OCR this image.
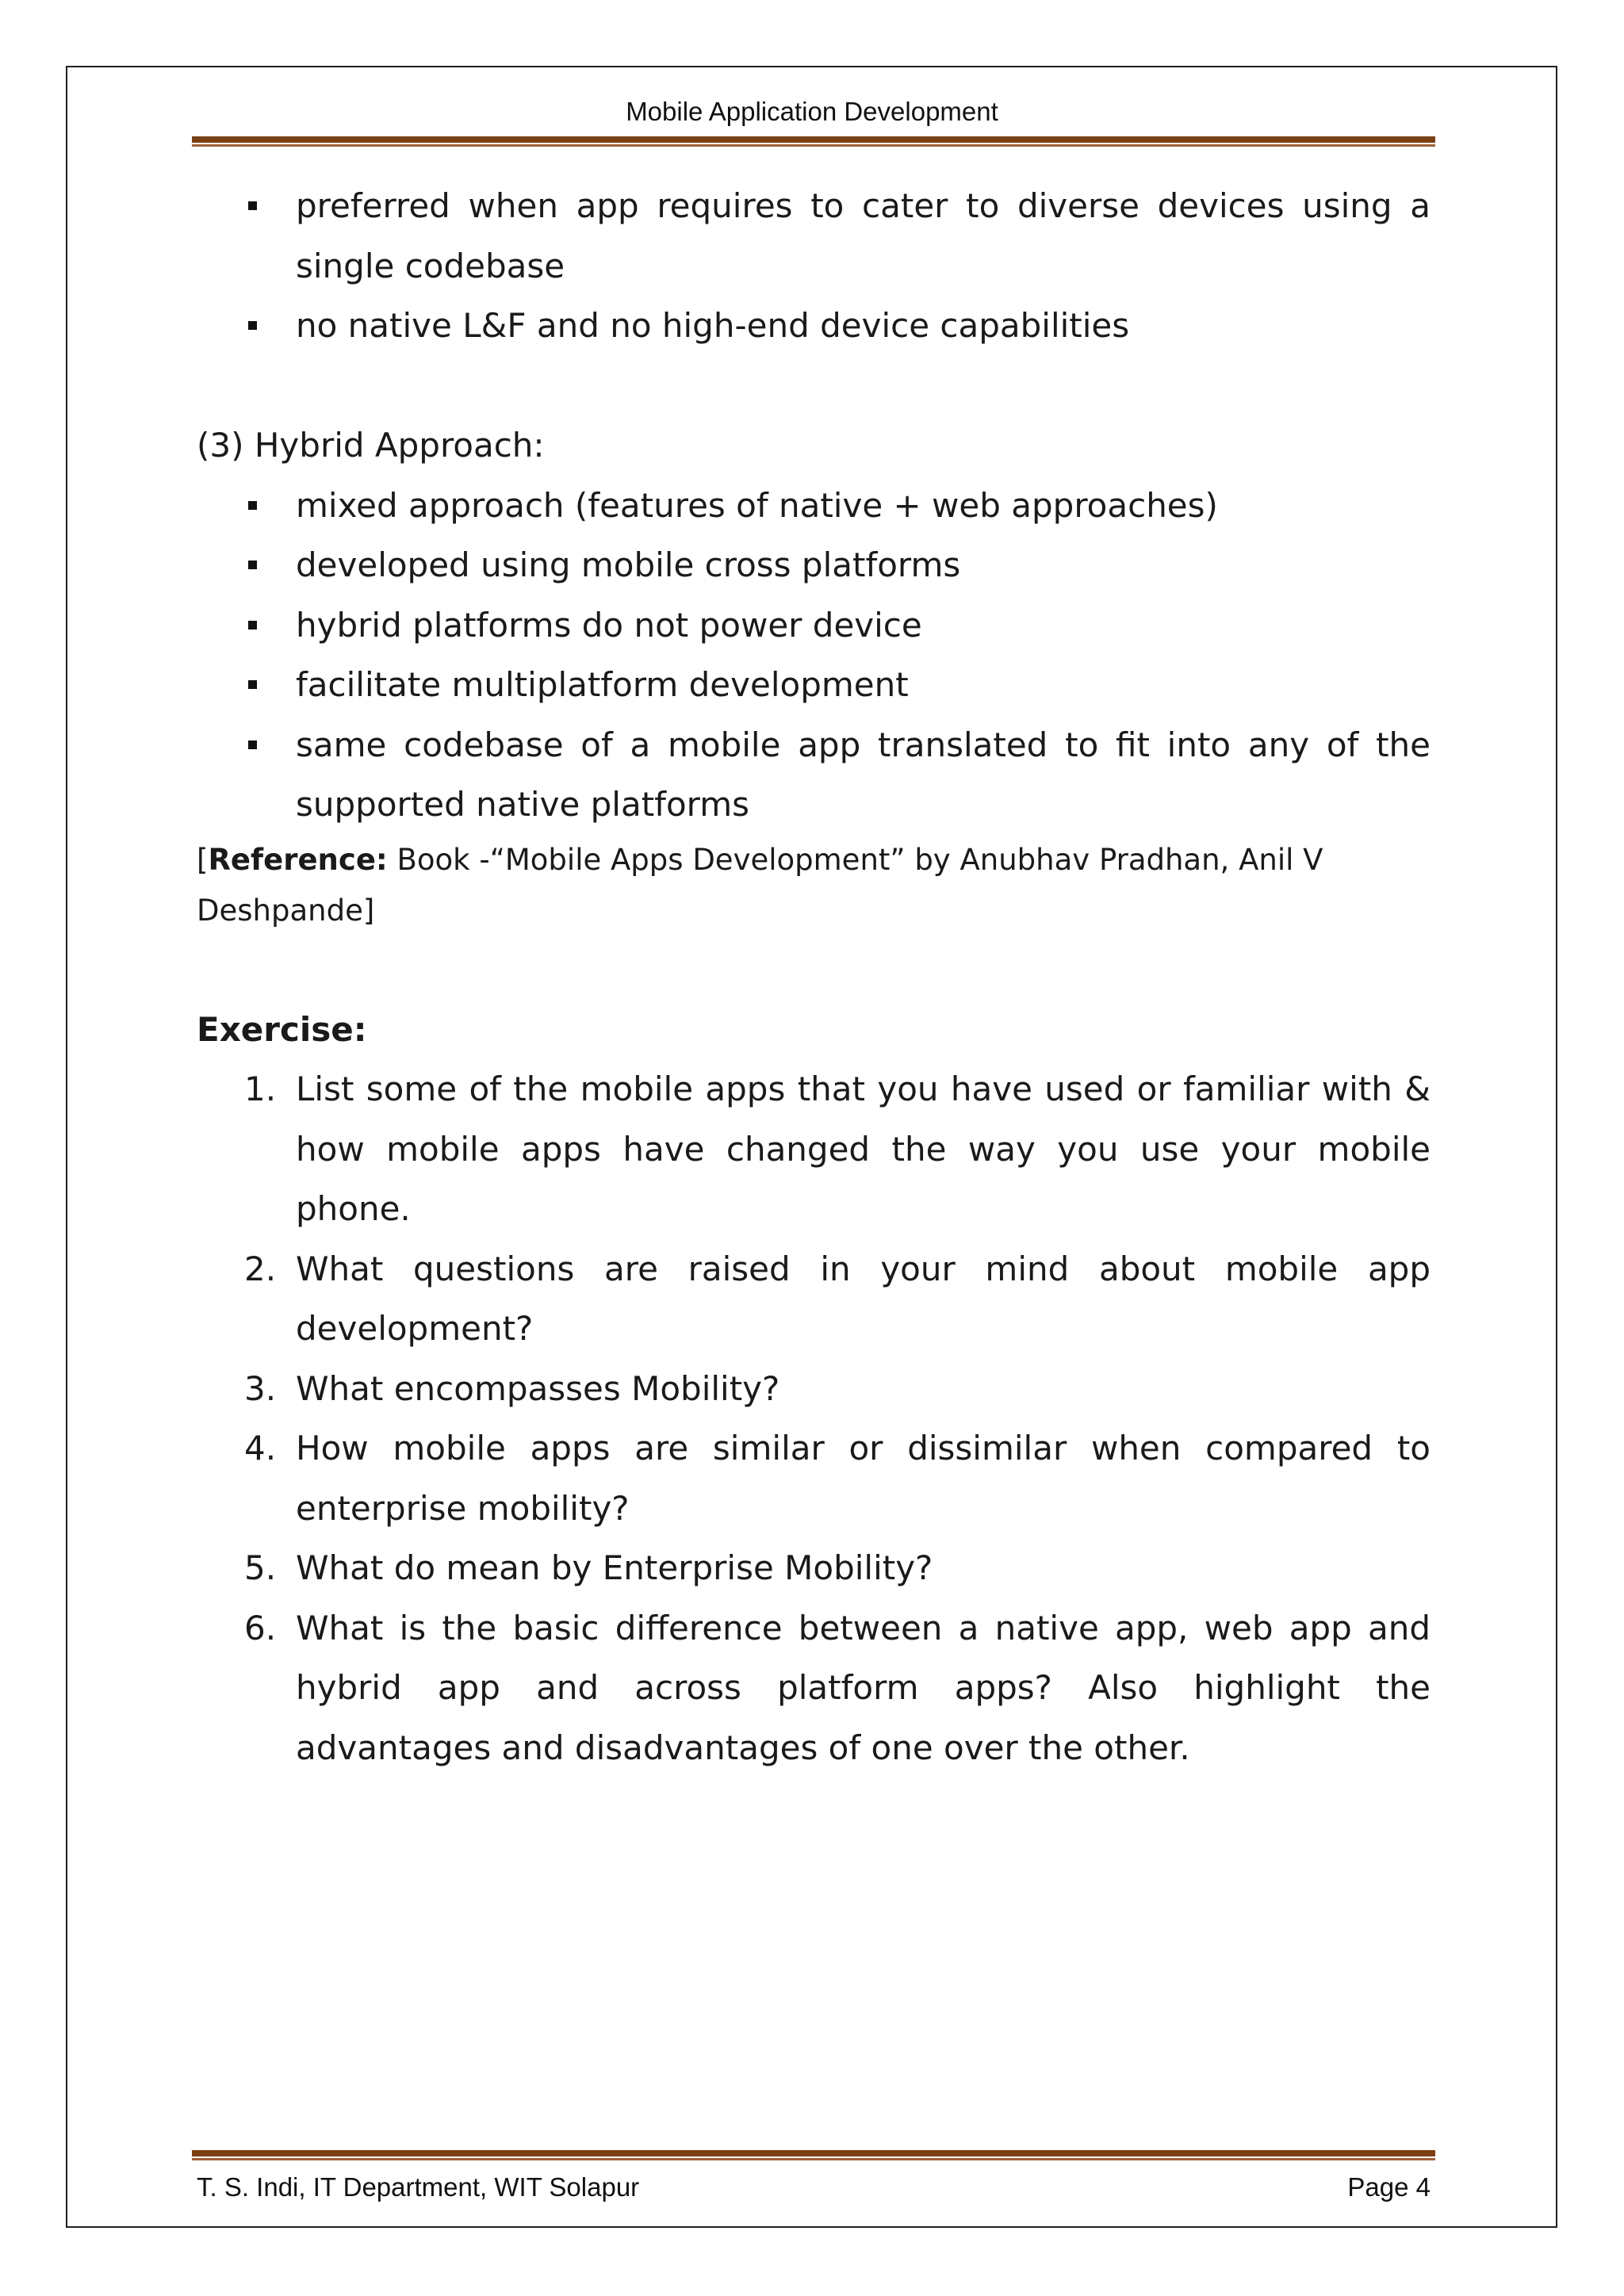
Mobile Application Development
preferred when app requires to cater to diverse devices using a single codebase
no native L&F and no high-end device capabilities

(3) Hybrid Approach:

mixed approach (features of native + web approaches)
developed using mobile cross platforms
hybrid platforms do not power device
facilitate multiplatform development
same codebase of a mobile app translated to fit into any of the supported native platforms

[Reference: Book -“Mobile Apps Development” by Anubhav Pradhan, Anil V Deshpande]

Exercise:

1. List some of the mobile apps that you have used or familiar with & how mobile apps have changed the way you use your mobile phone.
2. What questions are raised in your mind about mobile app development?
3. What encompasses Mobility?
4. How mobile apps are similar or dissimilar when compared to enterprise mobility?
5. What do mean by Enterprise Mobility?
6. What is the basic difference between a native app, web app and hybrid app and across platform apps? Also highlight the advantages and disadvantages of one over the other.
T. S. Indi, IT Department, WIT Solapur	Page 4
